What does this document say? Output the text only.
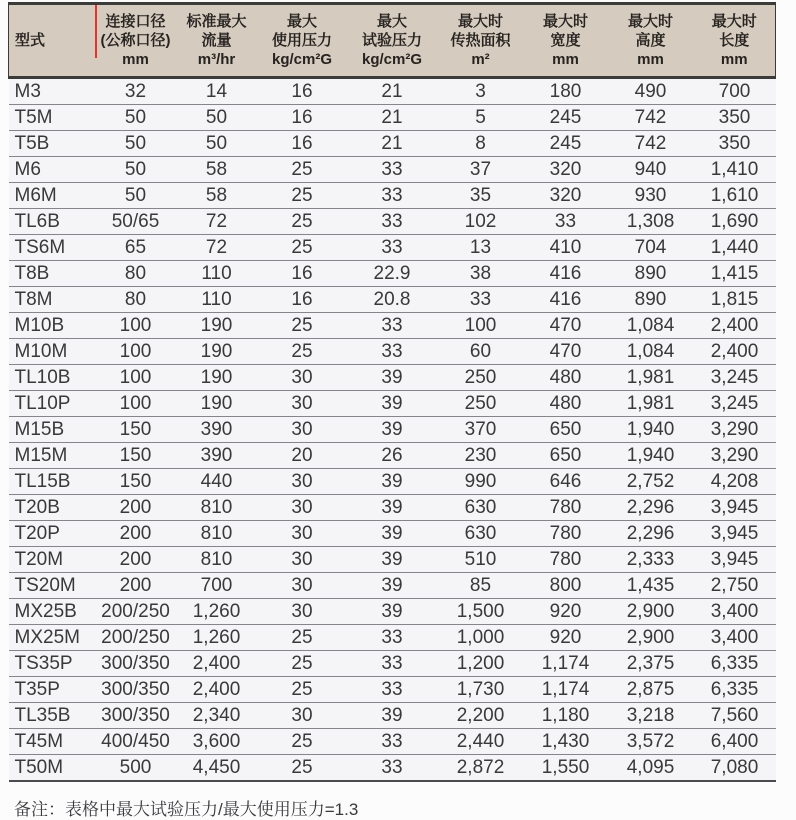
型式

连接口径
(公称口径)
mm

标准最大
流量
m³/hr

最大
使用压力
kg/cm²G

最大
试验压力
kg/cm²G

最大时
传热面积
m²

最大时
宽度
mm

最大时
高度
mm

最大时
长度
mm

M3	32	14	16	21	3	180	490	700
T5M	50	50	16	21	5	245	742	350
T5B	50	50	16	21	8	245	742	350
M6	50	58	25	33	37	320	940	1,410
M6M	50	58	25	33	35	320	930	1,610
TL6B	50/65	72	25	33	102	33	1,308	1,690
TS6M	65	72	25	33	13	410	704	1,440
T8B	80	110	16	22.9	38	416	890	1,415
T8M	80	110	16	20.8	33	416	890	1,815
M10B	100	190	25	33	100	470	1,084	2,400
M10M	100	190	25	33	60	470	1,084	2,400
TL10B	100	190	30	39	250	480	1,981	3,245
TL10P	100	190	30	39	250	480	1,981	3,245
M15B	150	390	30	39	370	650	1,940	3,290
M15M	150	390	20	26	230	650	1,940	3,290
TL15B	150	440	30	39	990	646	2,752	4,208
T20B	200	810	30	39	630	780	2,296	3,945
T20P	200	810	30	39	630	780	2,296	3,945
T20M	200	810	30	39	510	780	2,333	3,945
TS20M	200	700	30	39	85	800	1,435	2,750
MX25B	200/250	1,260	30	39	1,500	920	2,900	3,400
MX25M	200/250	1,260	25	33	1,000	920	2,900	3,400
TS35P	300/350	2,400	25	33	1,200	1,174	2,375	6,335
T35P	300/350	2,400	25	33	1,730	1,174	2,875	6,335
TL35B	300/350	2,340	30	39	2,200	1,180	3,218	7,560
T45M	400/450	3,600	25	33	2,440	1,430	3,572	6,400
T50M	500	4,450	25	33	2,872	1,550	4,095	7,080
备注：表格中最大试验压力/最大使用压力=1.3
